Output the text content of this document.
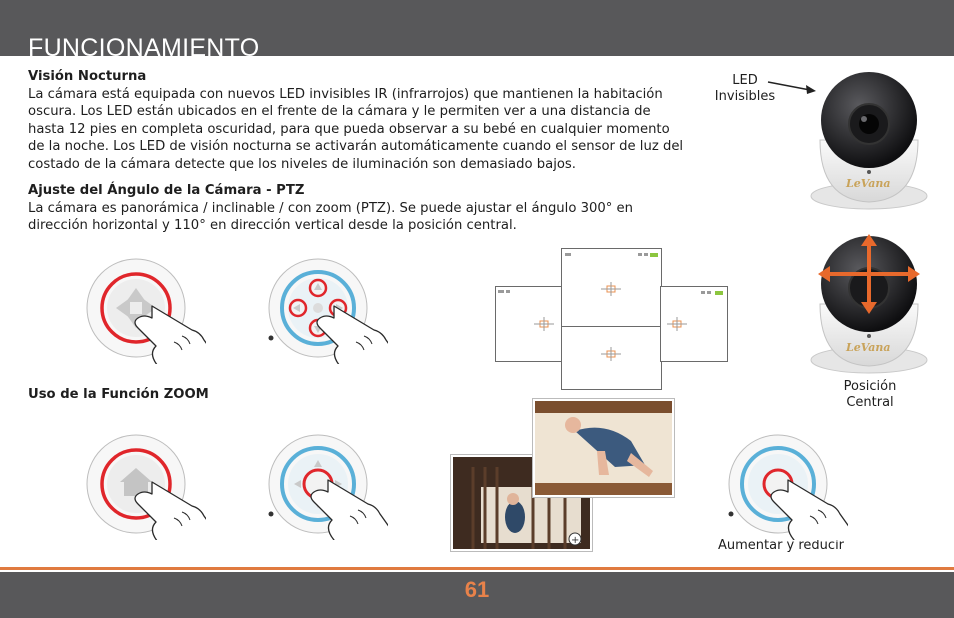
FUNCIONAMIENTO
Visión Nocturna
La cámara está equipada con nuevos LED invisibles IR (infrarrojos) que mantienen la habitación oscura. Los LED están ubicados en el frente de la cámara y le permiten ver a una distancia de hasta 12 pies en completa oscuridad, para que pueda observar a su bebé en cualquier momento de la noche. Los LED de visión nocturna se activarán automáticamente cuando el sensor de luz del costado de la cámara detecte que los niveles de iluminación son demasiado bajos.
Ajuste del Ángulo de la Cámara - PTZ
La cámara es panorámica / inclinable / con zoom (PTZ). Se puede ajustar el ángulo 300° en dirección horizontal y 110° en dirección vertical desde la posición central.
Uso de la Función ZOOM
LED Invisibles
Posición Central
Aumentar y reducir
LeVana
LeVana
+
61
